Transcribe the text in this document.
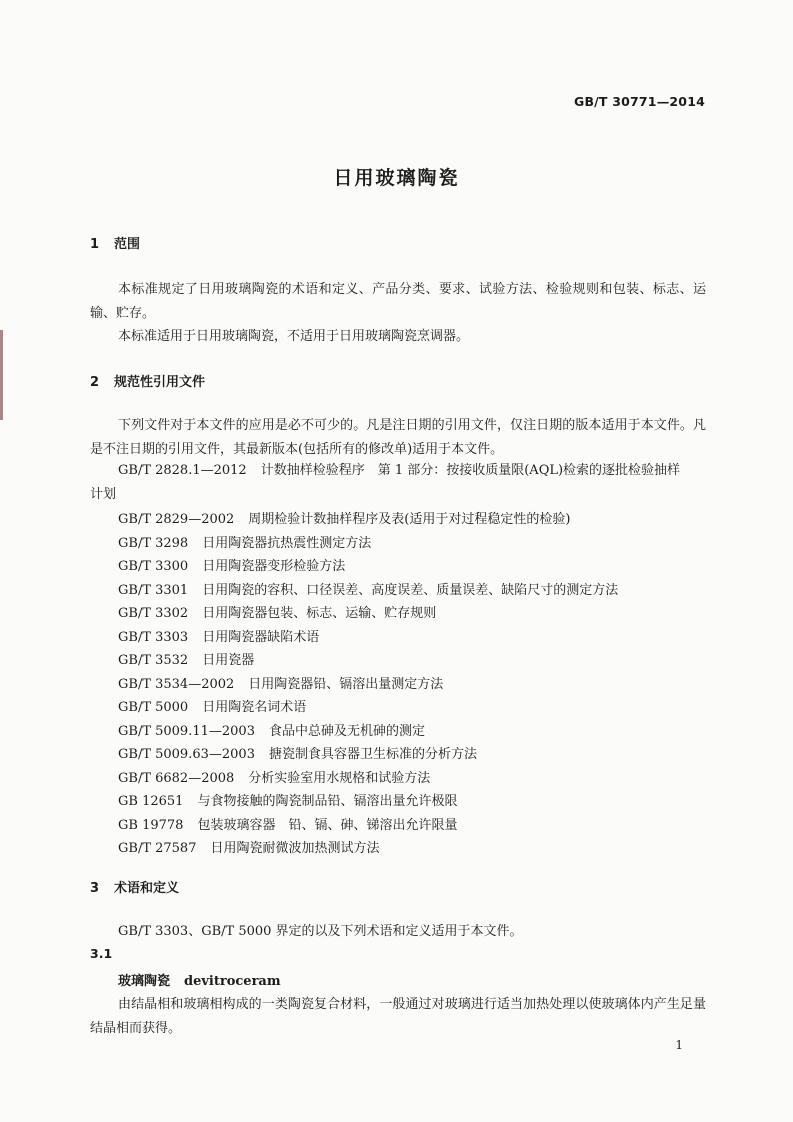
GB/T 30771—2014
日用玻璃陶瓷
1 范围
本标准规定了日用玻璃陶瓷的术语和定义、产品分类、要求、试验方法、检验规则和包装、标志、运输、贮存。
本标准适用于日用玻璃陶瓷，不适用于日用玻璃陶瓷烹调器。
2 规范性引用文件
下列文件对于本文件的应用是必不可少的。凡是注日期的引用文件，仅注日期的版本适用于本文件。凡是不注日期的引用文件，其最新版本(包括所有的修改单)适用于本文件。
GB/T 2828.1—2012 计数抽样检验程序　第 1 部分：按接收质量限(AQL)检索的逐批检验抽样
计划
GB/T 2829—2002 周期检验计数抽样程序及表(适用于对过程稳定性的检验)
GB/T 3298 日用陶瓷器抗热震性测定方法
GB/T 3300 日用陶瓷器变形检验方法
GB/T 3301 日用陶瓷的容积、口径误差、高度误差、质量误差、缺陷尺寸的测定方法
GB/T 3302 日用陶瓷器包装、标志、运输、贮存规则
GB/T 3303 日用陶瓷器缺陷术语
GB/T 3532 日用瓷器
GB/T 3534—2002 日用陶瓷器铅、镉溶出量测定方法
GB/T 5000 日用陶瓷名词术语
GB/T 5009.11—2003 食品中总砷及无机砷的测定
GB/T 5009.63—2003 搪瓷制食具容器卫生标准的分析方法
GB/T 6682—2008 分析实验室用水规格和试验方法
GB 12651 与食物接触的陶瓷制品铅、镉溶出量允许极限
GB 19778 包装玻璃容器　铅、镉、砷、锑溶出允许限量
GB/T 27587 日用陶瓷耐微波加热测试方法
3 术语和定义
GB/T 3303、GB/T 5000 界定的以及下列术语和定义适用于本文件。
3.1
玻璃陶瓷 devitroceram
由结晶相和玻璃相构成的一类陶瓷复合材料，一般通过对玻璃进行适当加热处理以使玻璃体内产生足量结晶相而获得。
1
